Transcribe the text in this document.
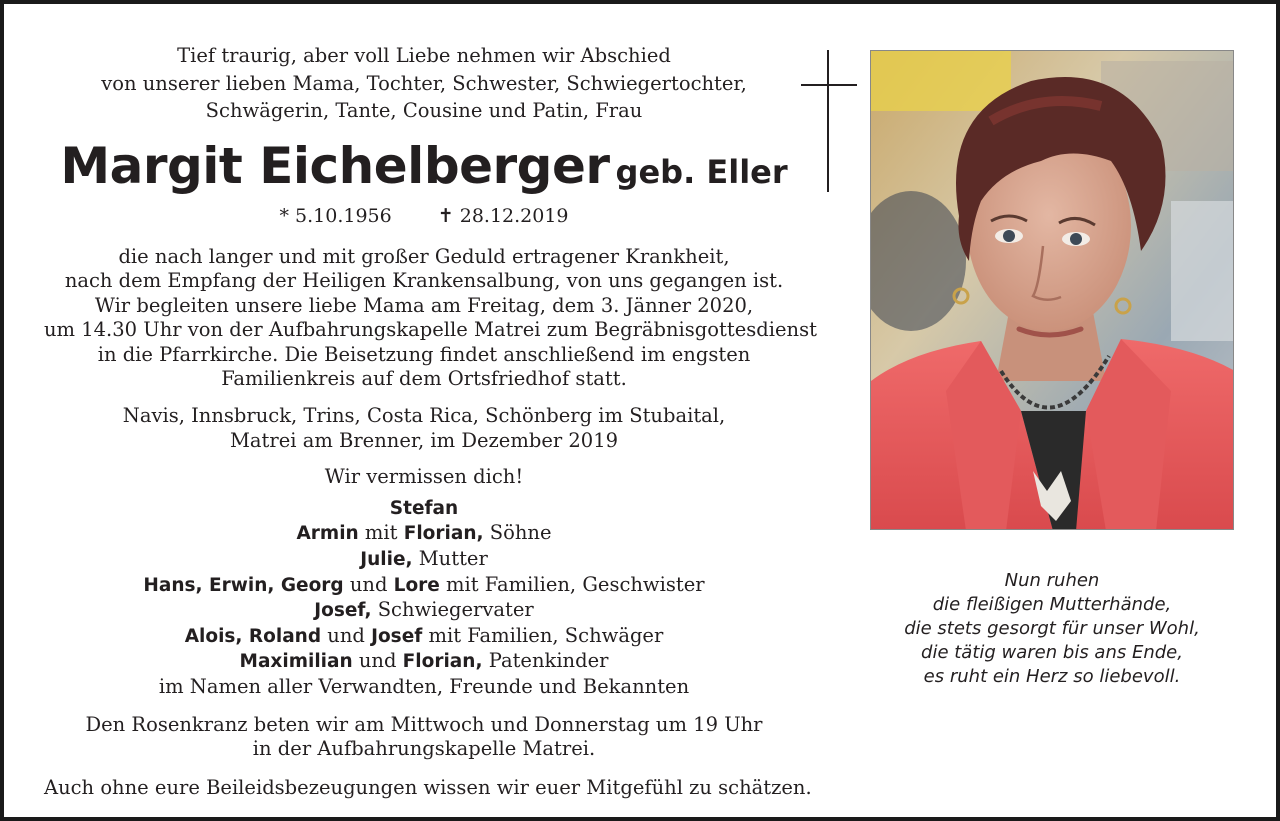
Tief traurig, aber voll Liebe nehmen wir Abschied
von unserer lieben Mama, Tochter, Schwester, Schwiegertochter,
Schwägerin, Tante, Cousine und Patin, Frau
Margit Eichelberger geb. Eller
* 5.10.1956 ✝ 28.12.2019
die nach langer und mit großer Geduld ertragener Krankheit,
nach dem Empfang der Heiligen Krankensalbung, von uns gegangen ist.
Wir begleiten unsere liebe Mama am Freitag, dem 3. Jänner 2020,
um 14.30 Uhr von der Aufbahrungskapelle Matrei zum Begräbnisgottesdienst
in die Pfarrkirche. Die Beisetzung findet anschließend im engsten
Familienkreis auf dem Ortsfriedhof statt.
Navis, Innsbruck, Trins, Costa Rica, Schönberg im Stubaital,
Matrei am Brenner, im Dezember 2019
Wir vermissen dich!
Stefan
Armin mit Florian, Söhne
Julie, Mutter
Hans, Erwin, Georg und Lore mit Familien, Geschwister
Josef, Schwiegervater
Alois, Roland und Josef mit Familien, Schwäger
Maximilian und Florian, Patenkinder
im Namen aller Verwandten, Freunde und Bekannten
Den Rosenkranz beten wir am Mittwoch und Donnerstag um 19 Uhr
in der Aufbahrungskapelle Matrei.
Auch ohne eure Beileidsbezeugungen wissen wir euer Mitgefühl zu schätzen.
Nun ruhen
die fleißigen Mutterhände,
die stets gesorgt für unser Wohl,
die tätig waren bis ans Ende,
es ruht ein Herz so liebevoll.
